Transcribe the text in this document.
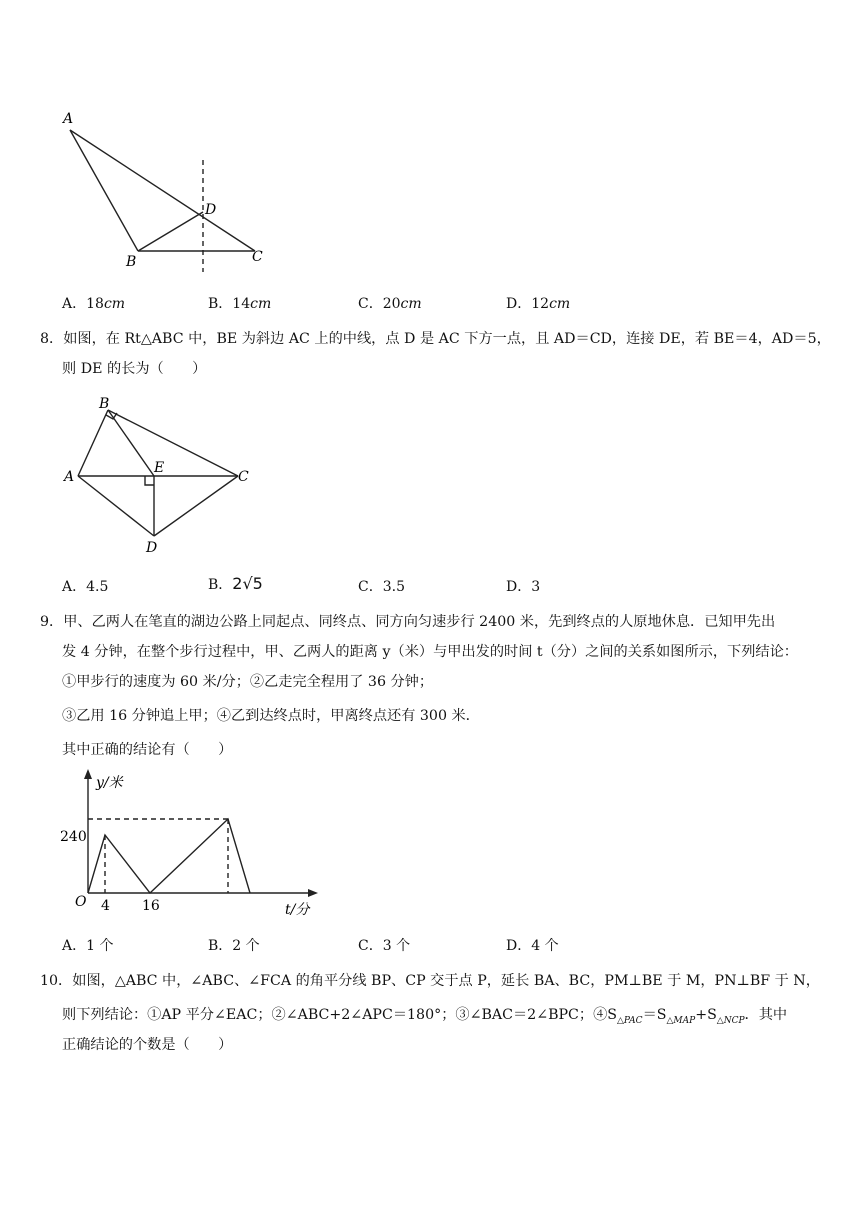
A
B	C
D
A．18cm	B．14cm	C．20cm	D．12cm
8．如图，在 Rt△ABC 中，BE 为斜边 AC 上的中线，点 D 是 AC 下方一点，且 AD＝CD，连接 DE，若 BE＝4，AD＝5，
则 DE 的长为（　　）
B
A
E
C
D
A．4.5	B．2√5	C．3.5	D．3
9．甲、乙两人在笔直的湖边公路上同起点、同终点、同方向匀速步行 2400 米，先到终点的人原地休息．已知甲先出
发 4 分钟，在整个步行过程中，甲、乙两人的距离 y（米）与甲出发的时间 t（分）之间的关系如图所示，下列结论：
①甲步行的速度为 60 米/分；②乙走完全程用了 36 分钟；
③乙用 16 分钟追上甲；④乙到达终点时，甲离终点还有 300 米．
其中正确的结论有（　　）
y/米
t/分
O
240
4 16
A．1 个	B．2 个	C．3 个	D．4 个
10．如图，△ABC 中，∠ABC、∠FCA 的角平分线 BP、CP 交于点 P，延长 BA、BC，PM⊥BE 于 M，PN⊥BF 于 N，
则下列结论：①AP 平分∠EAC；②∠ABC+2∠APC＝180°；③∠BAC＝2∠BPC；$④S_{\triangle PAC}=S_{\triangle MAP}+S_{\triangle NCP}$．其中
正确结论的个数是（　　）
